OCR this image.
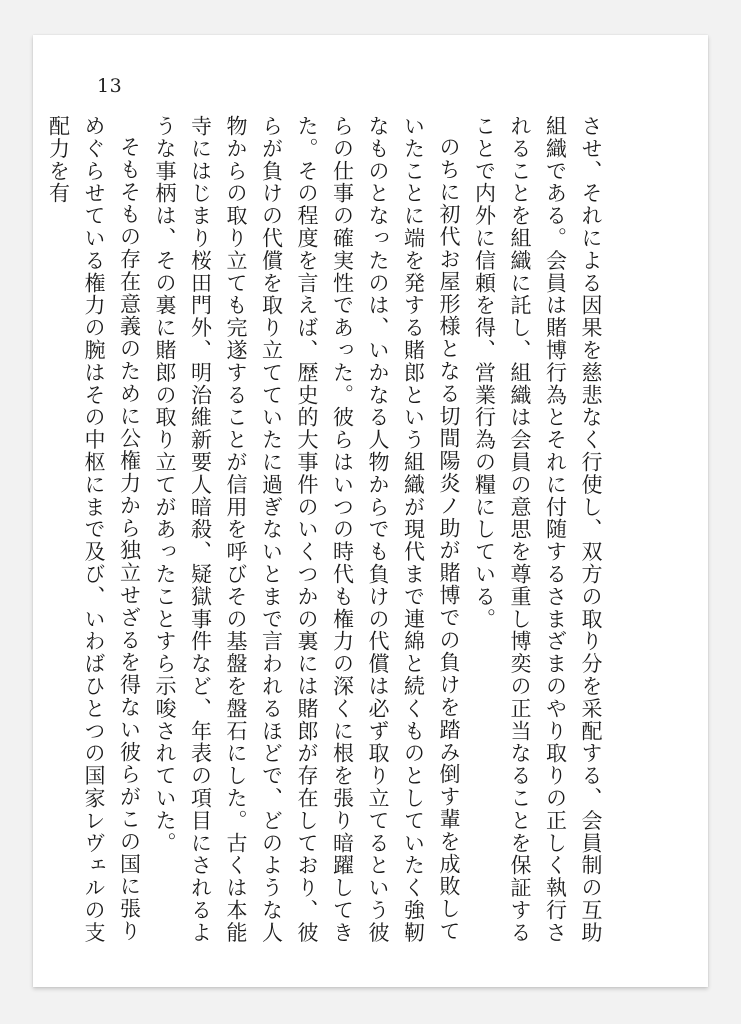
13

させ、それによる因果を慈悲なく行使し、双方の取り分を采配する、会員制の互助組織である。会員は賭博行為とそれに付随するさまざまのやり取りの正しく執行されることを組織に託し、組織は会員の意思を尊重し博奕の正当なることを保証することで内外に信頼を得、営業行為の糧にしている。

のちに初代お屋形様となる切間陽炎ノ助が賭博での負けを踏み倒す輩を成敗していたことに端を発する賭郎という組織が現代まで連綿と続くものとしていたく強靭なものとなったのは、いかなる人物からでも負けの代償は必ず取り立てるという彼らの仕事の確実性であった。彼らはいつの時代も権力の深くに根を張り暗躍してきた。その程度を言えば、歴史的大事件のいくつかの裏には賭郎が存在しており、彼らが負けの代償を取り立てていたに過ぎないとまで言われるほどで、どのような人物からの取り立ても完遂することが信用を呼びその基盤を盤石にした。古くは本能寺にはじまり桜田門外、明治維新要人暗殺、疑獄事件など、年表の項目にされるような事柄は、その裏に賭郎の取り立てがあったことすら示唆されていた。

そもそもの存在意義のために公権力から独立せざるを得ない彼らがこの国に張りめぐらせている権力の腕はその中枢にまで及び、いわばひとつの国家レヴェルの支配力を有
